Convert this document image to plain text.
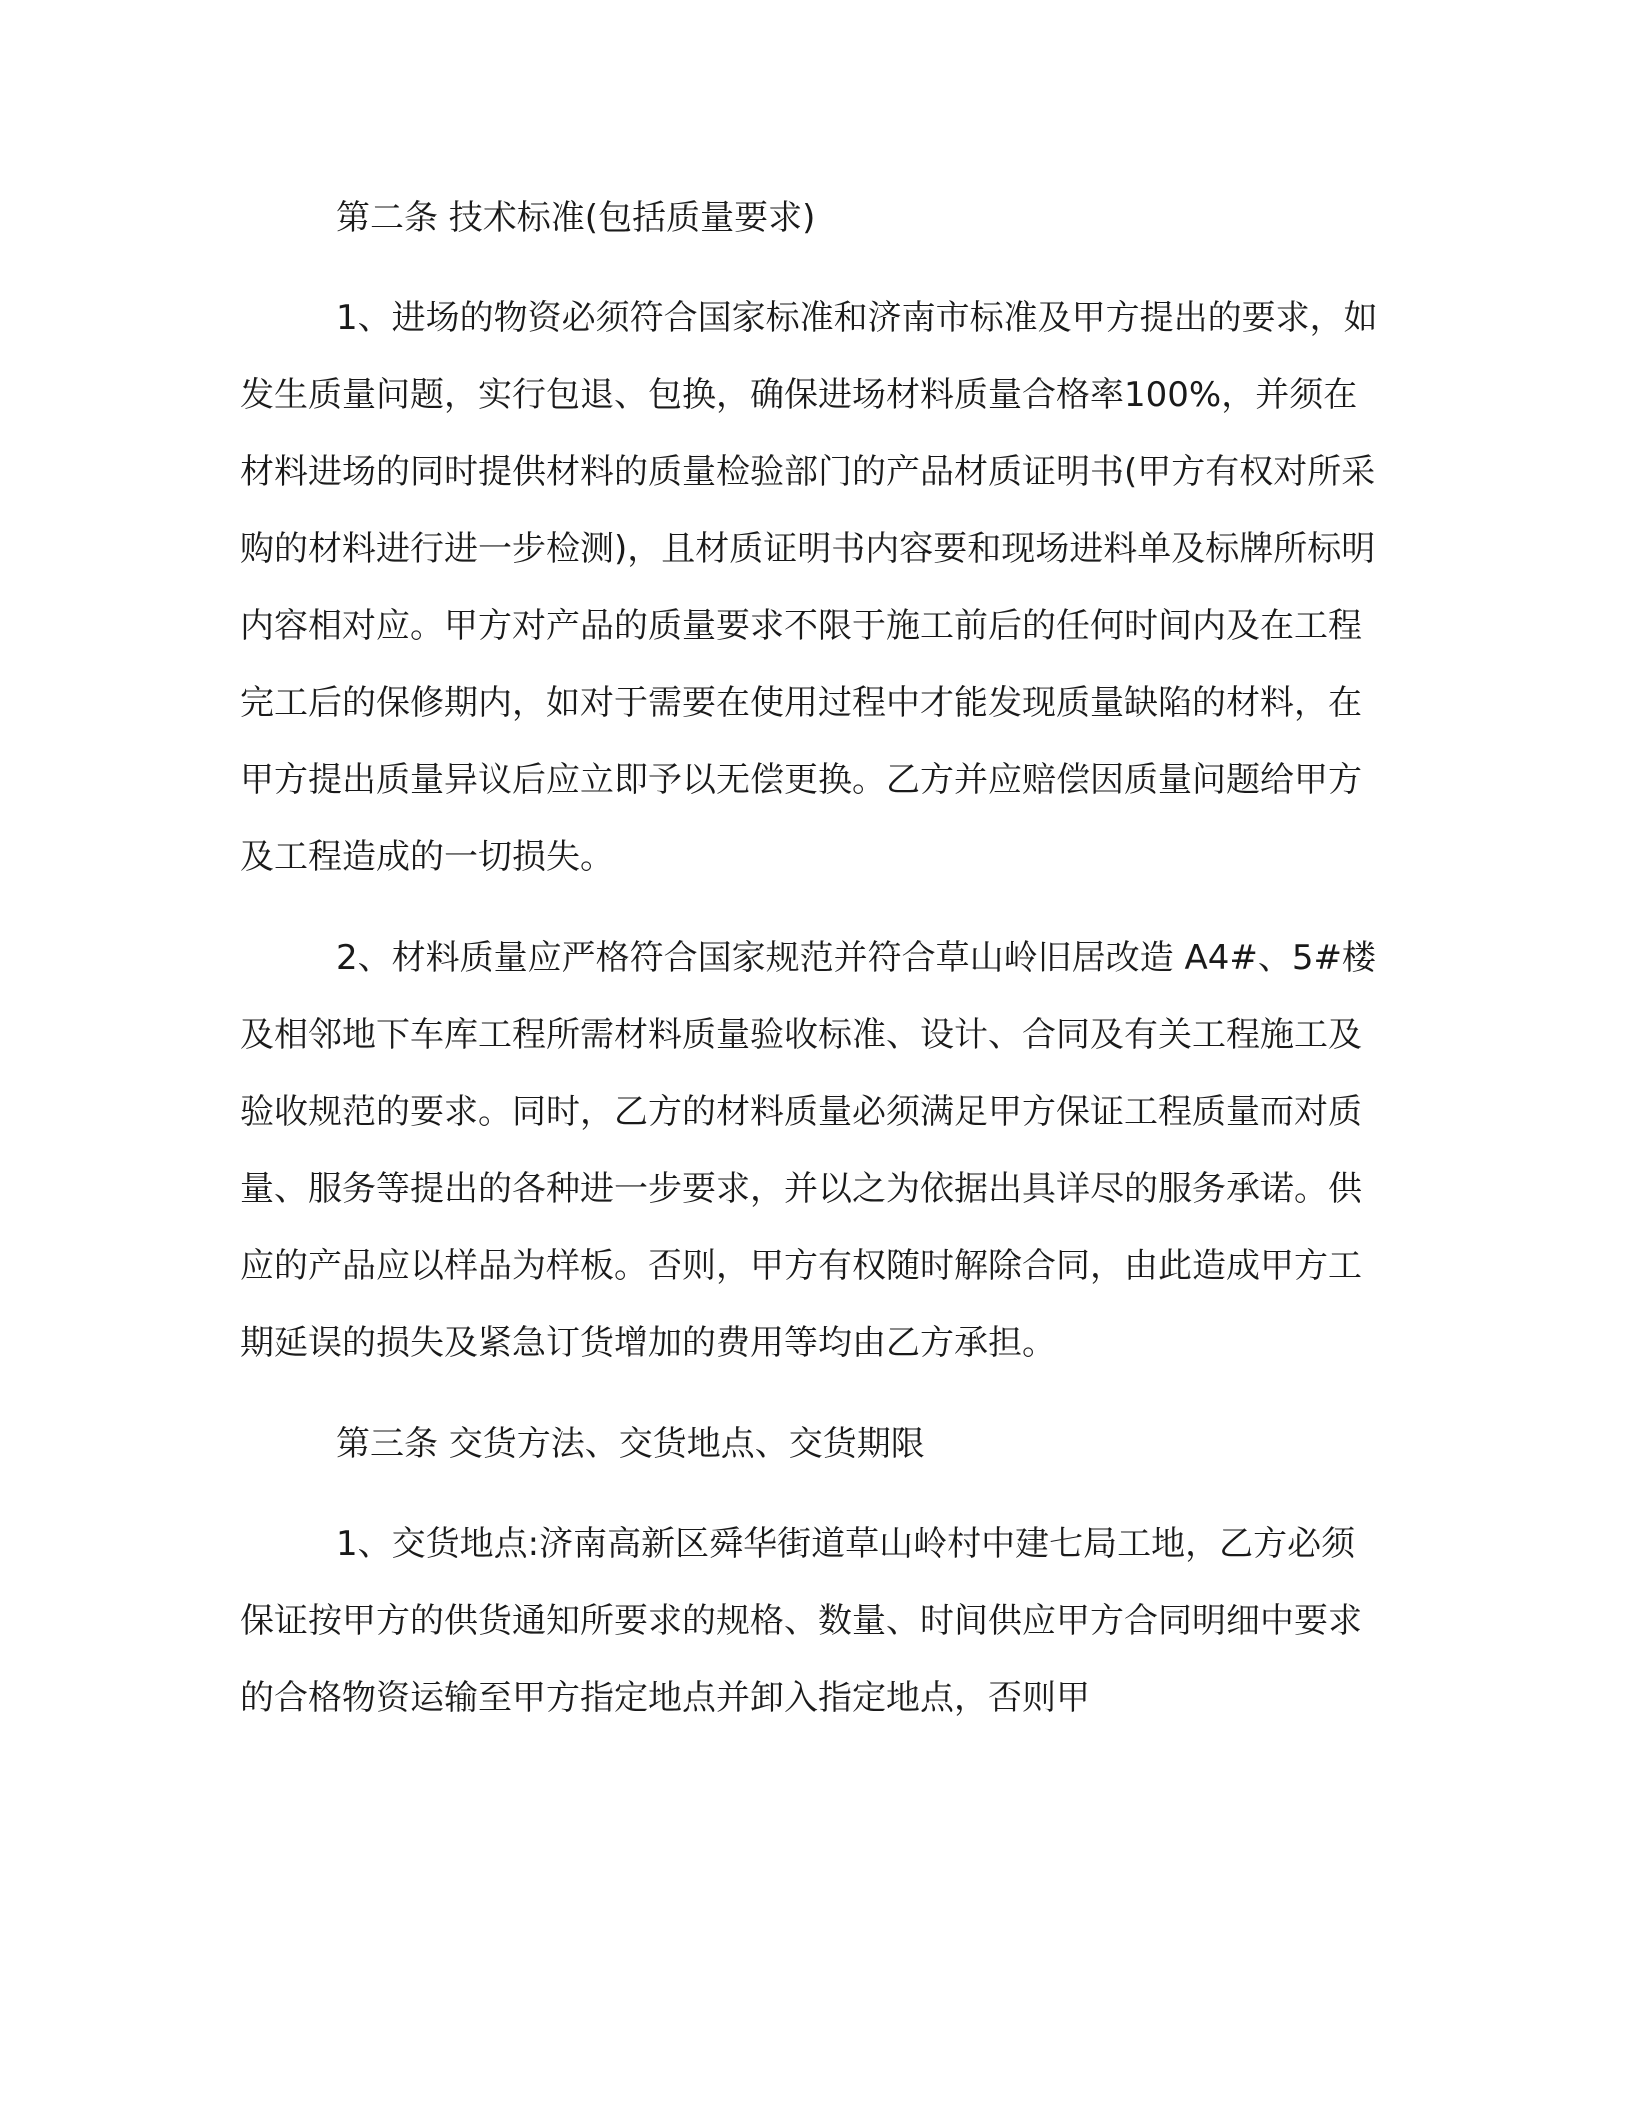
第二条 技术标准(包括质量要求)

1、进场的物资必须符合国家标准和济南市标准及甲方提出的要求，如发生质量问题，实行包退、包换，确保进场材料质量合格率100%，并须在材料进场的同时提供材料的质量检验部门的产品材质证明书(甲方有权对所采购的材料进行进一步检测)，且材质证明书内容要和现场进料单及标牌所标明内容相对应。甲方对产品的质量要求不限于施工前后的任何时间内及在工程完工后的保修期内，如对于需要在使用过程中才能发现质量缺陷的材料，在甲方提出质量异议后应立即予以无偿更换。乙方并应赔偿因质量问题给甲方及工程造成的一切损失。

2、材料质量应严格符合国家规范并符合草山岭旧居改造 A4#、5#楼及相邻地下车库工程所需材料质量验收标准、设计、合同及有关工程施工及验收规范的要求。同时，乙方的材料质量必须满足甲方保证工程质量而对质量、服务等提出的各种进一步要求，并以之为依据出具详尽的服务承诺。供应的产品应以样品为样板。否则，甲方有权随时解除合同，由此造成甲方工期延误的损失及紧急订货增加的费用等均由乙方承担。

第三条 交货方法、交货地点、交货期限

1、交货地点:济南高新区舜华街道草山岭村中建七局工地，乙方必须保证按甲方的供货通知所要求的规格、数量、时间供应甲方合同明细中要求的合格物资运输至甲方指定地点并卸入指定地点，否则甲
